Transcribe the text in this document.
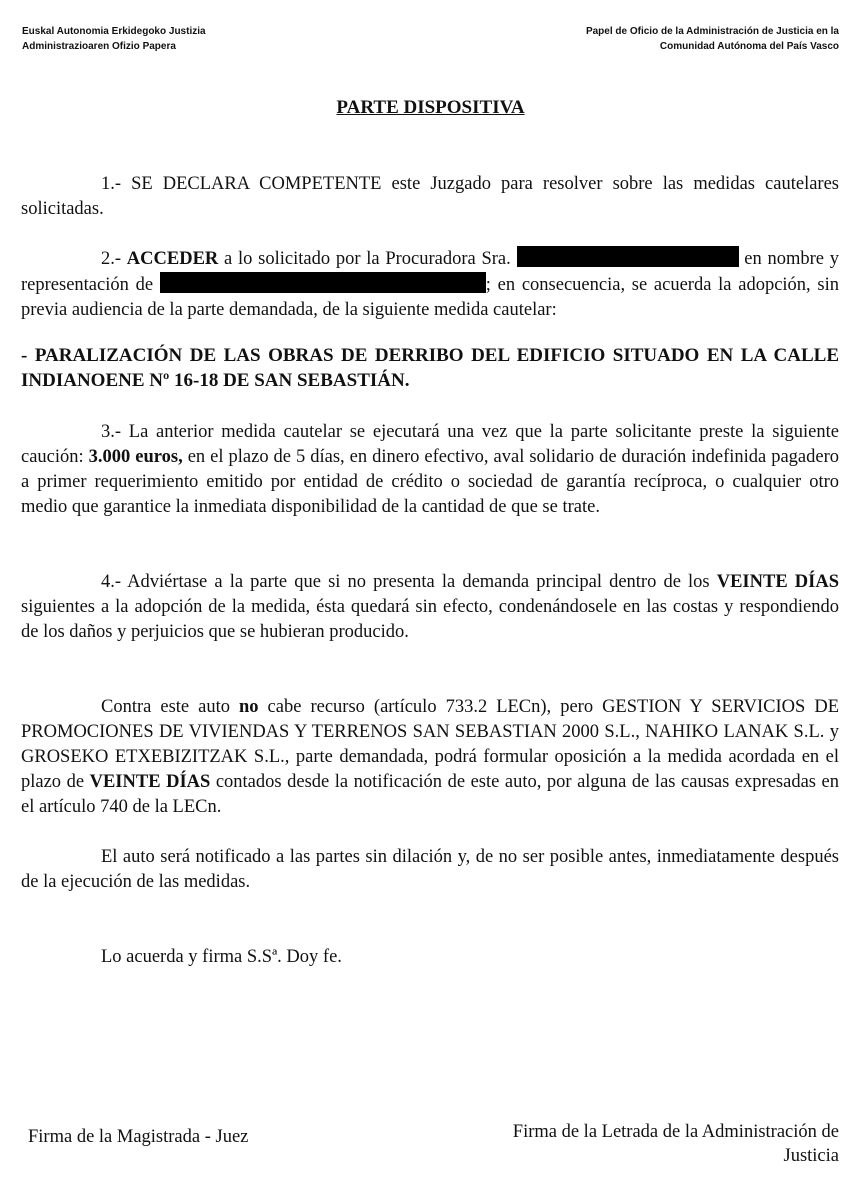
Euskal Autonomia Erkidegoko Justizia
Administrazioaren Ofizio Papera
Papel de Oficio de la Administración de Justicia en la
Comunidad Autónoma del País Vasco
PARTE DISPOSITIVA

1.- SE DECLARA COMPETENTE este Juzgado para resolver sobre las medidas cautelares solicitadas.

2.- ACCEDER a lo solicitado por la Procuradora Sra.	en nombre y representación de	; en consecuencia, se acuerda la adopción, sin previa audiencia de la parte demandada, de la siguiente medida cautelar:

- PARALIZACIÓN DE LAS OBRAS DE DERRIBO DEL EDIFICIO SITUADO EN LA CALLE INDIANOENE Nº 16-18 DE SAN SEBASTIÁN.

3.- La anterior medida cautelar se ejecutará una vez que la parte solicitante preste la siguiente caución: 3.000 euros, en el plazo de 5 días, en dinero efectivo, aval solidario de duración indefinida pagadero a primer requerimiento emitido por entidad de crédito o sociedad de garantía recíproca, o cualquier otro medio que garantice la inmediata disponibilidad de la cantidad de que se trate.

4.- Adviértase a la parte que si no presenta la demanda principal dentro de los VEINTE DÍAS siguientes a la adopción de la medida, ésta quedará sin efecto, condenándosele en las costas y respondiendo de los daños y perjuicios que se hubieran producido.

Contra este auto no cabe recurso (artículo 733.2 LECn), pero GESTION Y SERVICIOS DE PROMOCIONES DE VIVIENDAS Y TERRENOS SAN SEBASTIAN 2000 S.L., NAHIKO LANAK S.L. y GROSEKO ETXEBIZITZAK S.L., parte demandada, podrá formular oposición a la medida acordada en el plazo de VEINTE DÍAS contados desde la notificación de este auto, por alguna de las causas expresadas en el artículo 740 de la LECn.

El auto será notificado a las partes sin dilación y, de no ser posible antes, inmediatamente después de la ejecución de las medidas.

Lo acuerda y firma S.Sª. Doy fe.

Firma de la Magistrada - Juez	Firma de la Letrada de la Administración de
Justicia
